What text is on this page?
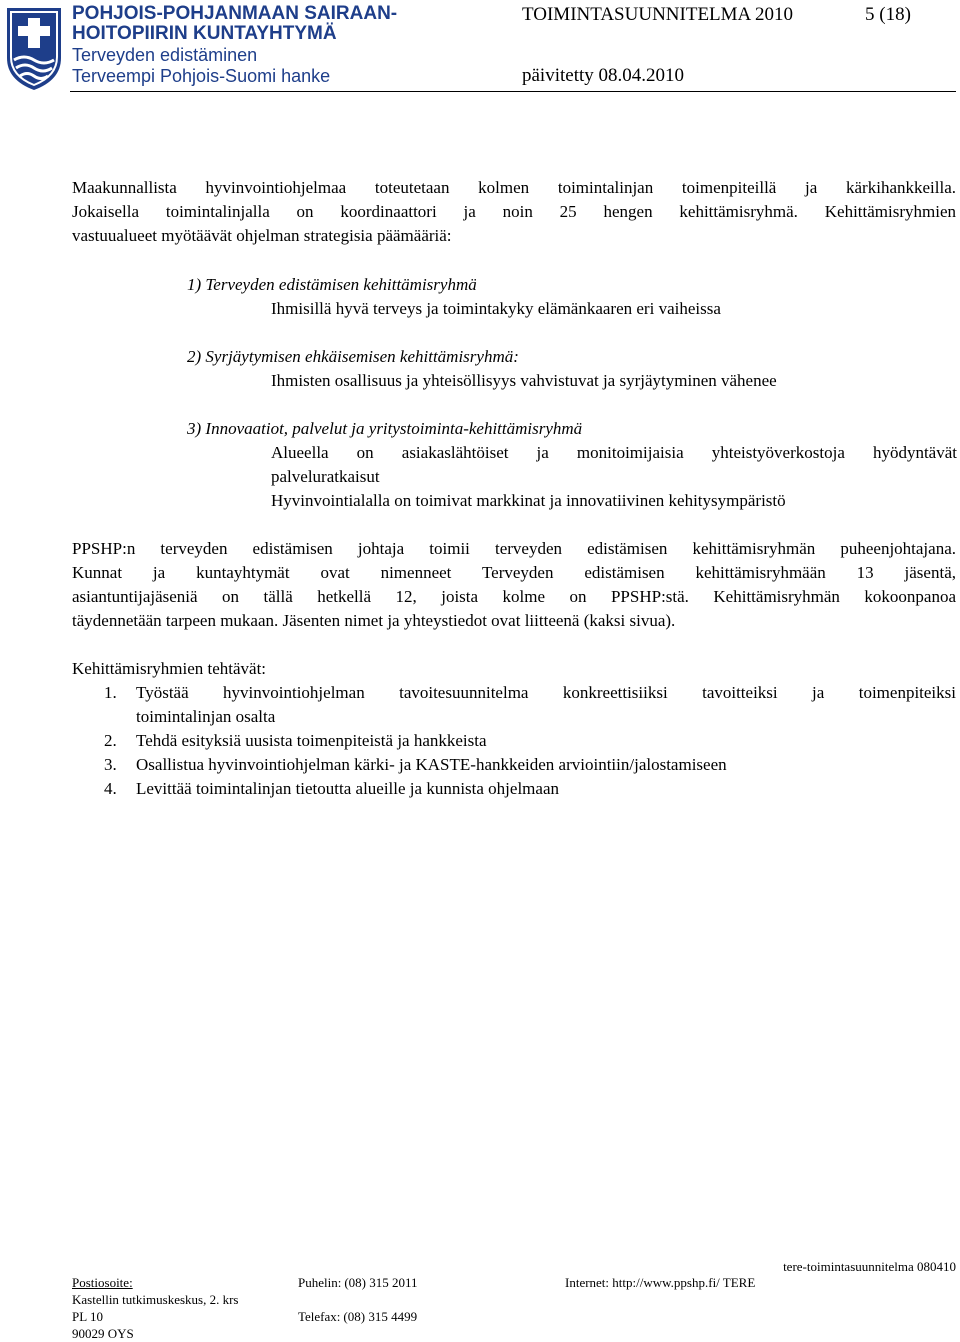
POHJOIS-POHJANMAAN SAIRAAN-
HOITOPIIRIN KUNTAYHTYMÄ
Terveyden edistäminen
Terveempi Pohjois-Suomi hanke
TOIMINTASUUNNITELMA 2010	5 (18)
päivitetty 08.04.2010
Maakunnallista hyvinvointiohjelmaa toteutetaan kolmen toimintalinjan toimenpiteillä ja kärkihankkeilla.
Jokaisella toimintalinjalla on koordinaattori ja noin 25 hengen kehittämisryhmä. Kehittämisryhmien
vastuualueet myötäävät ohjelman strategisia päämääriä:
1) Terveyden edistämisen kehittämisryhmä
Ihmisillä hyvä terveys ja toimintakyky elämänkaaren eri vaiheissa
2) Syrjäytymisen ehkäisemisen kehittämisryhmä:
Ihmisten osallisuus ja yhteisöllisyys vahvistuvat ja syrjäytyminen vähenee
3) Innovaatiot, palvelut ja yritystoiminta-kehittämisryhmä
Alueella on asiakaslähtöiset ja monitoimijaisia yhteistyöverkostoja hyödyntävät
palveluratkaisut
Hyvinvointialalla on toimivat markkinat ja innovatiivinen kehitysympäristö
PPSHP:n terveyden edistämisen johtaja toimii terveyden edistämisen kehittämisryhmän puheenjohtajana.
Kunnat ja kuntayhtymät ovat nimenneet Terveyden edistämisen kehittämisryhmään 13 jäsentä,
asiantuntijajäseniä on tällä hetkellä 12, joista kolme on PPSHP:stä. Kehittämisryhmän kokoonpanoa
täydennetään tarpeen mukaan. Jäsenten nimet ja yhteystiedot ovat liitteenä (kaksi sivua).
Kehittämisryhmien tehtävät:
1. Työstää hyvinvointiohjelman tavoitesuunnitelma konkreettisiiksi tavoitteiksi ja toimenpiteiksi
toimintalinjan osalta
2. Tehdä esityksiä uusista toimenpiteistä ja hankkeista
3. Osallistua hyvinvointiohjelman kärki- ja KASTE-hankkeiden arviointiin/jalostamiseen
4. Levittää toimintalinjan tietoutta alueille ja kunnista ohjelmaan
tere-toimintasuunnitelma 080410
Postiosoite:
Kastellin tutkimuskeskus, 2. krs
PL 10
90029 OYS
Puhelin: (08) 315 2011
Telefax: (08) 315 4499
Internet: http://www.ppshp.fi/ TERE
